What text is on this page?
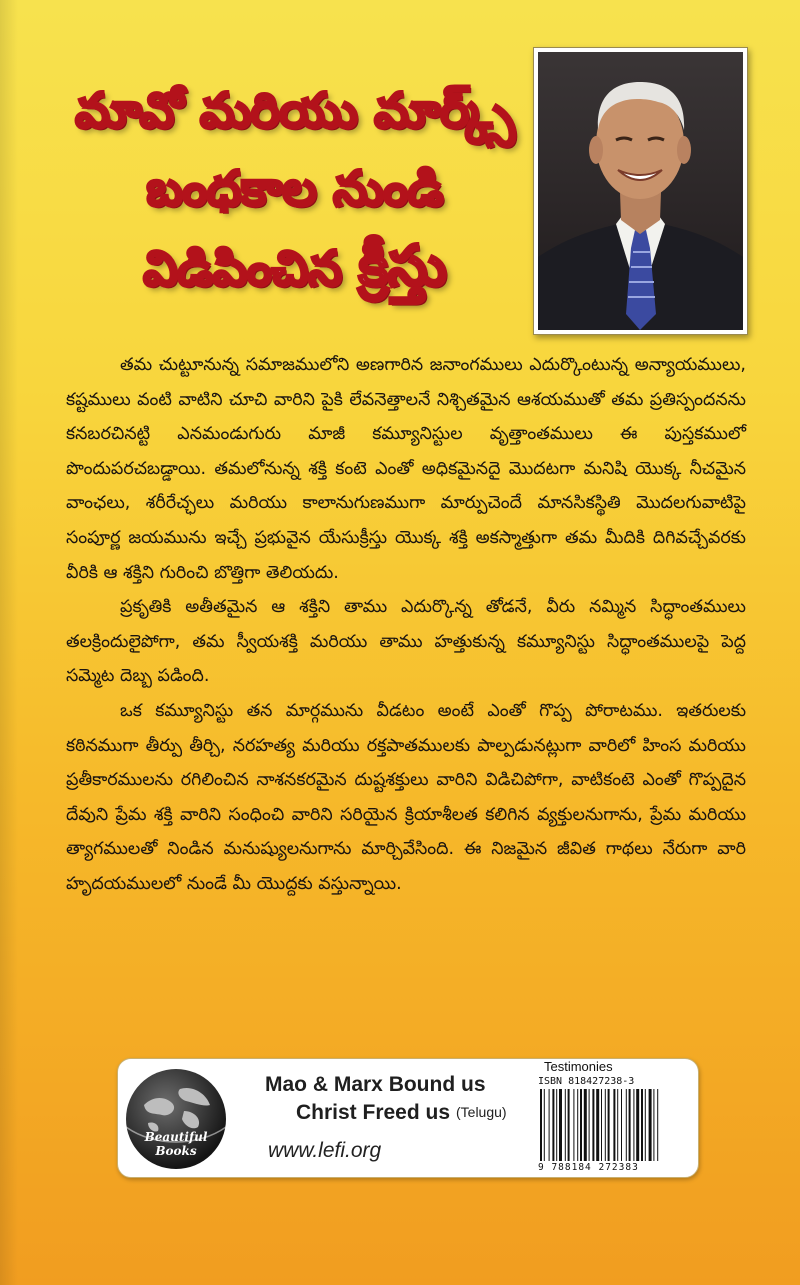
మావో మరియు మార్క్స్
బంధకాల నుండి
విడిపించిన క్రీస్తు

తమ చుట్టూనున్న సమాజములోని అణగారిన జనాంగములు ఎదుర్కొంటున్న అన్యాయములు, కష్టములు వంటి వాటిని చూచి వారిని పైకి లేవనెత్తాలనే నిశ్చితమైన ఆశయముతో తమ ప్రతిస్పందనను కనబరచినట్టి ఎనమండుగురు మాజీ కమ్యూనిస్టుల వృత్తాంతములు ఈ పుస్తకములో పొందుపరచబడ్డాయి. తమలోనున్న శక్తి కంటె ఎంతో అధికమైనదై మొదటగా మనిషి యొక్క నీచమైన వాంఛలు, శరీరేచ్ఛలు మరియు కాలానుగుణముగా మార్పుచెందే మానసికస్థితి మొదలగువాటిపై సంపూర్ణ జయమును ఇచ్చే ప్రభువైన యేసుక్రీస్తు యొక్క శక్తి అకస్మాత్తుగా తమ మీదికి దిగివచ్చేవరకు వీరికి ఆ శక్తిని గురించి బొత్తిగా తెలియదు.

ప్రకృతికి అతీతమైన ఆ శక్తిని తాము ఎదుర్కొన్న తోడనే, వీరు నమ్మిన సిద్ధాంతములు తలక్రిందులైపోగా, తమ స్వీయశక్తి మరియు తాము హత్తుకున్న కమ్యూనిస్టు సిద్ధాంతములపై పెద్ద సమ్మెట దెబ్బ పడింది.

ఒక కమ్యూనిస్టు తన మార్గమును వీడటం అంటే ఎంతో గొప్ప పోరాటము. ఇతరులకు కఠినముగా తీర్పు తీర్చి, నరహత్య మరియు రక్తపాతములకు పాల్పడునట్లుగా వారిలో హింస మరియు ప్రతీకారములను రగిలించిన నాశనకరమైన దుష్టశక్తులు వారిని విడిచిపోగా, వాటికంటె ఎంతో గొప్పదైన దేవుని ప్రేమ శక్తి వారిని సంధించి వారిని సరియైన క్రియాశీలత కలిగిన వ్యక్తులనుగాను, ప్రేమ మరియు త్యాగములతో నిండిన మనుష్యులనుగాను మార్చివేసింది. ఈ నిజమైన జీవిత గాథలు నేరుగా వారి హృదయములలో నుండే మీ యొద్దకు వస్తున్నాయి.

Beautiful
Books
Mao & Marx Bound us
Christ Freed us (Telugu)
www.lefi.org
Testimonies
ISBN 818427238-3
9 788184 272383
